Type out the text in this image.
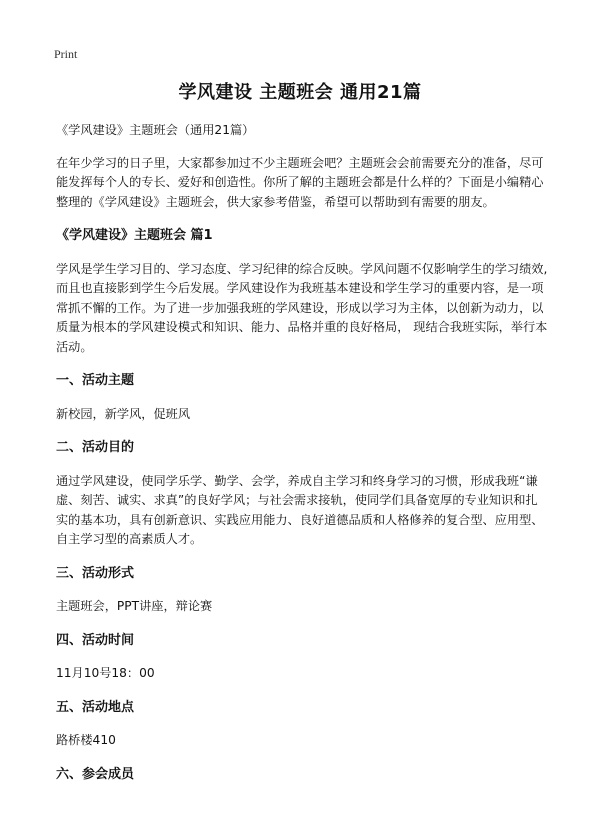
Print
学风建设 主题班会 通用21篇

《学风建设》主题班会（通用21篇）

在年少学习的日子里，大家都参加过不少主题班会吧？主题班会会前需要充分的准备，尽可能发挥每个人的专长、爱好和创造性。你所了解的主题班会都是什么样的？下面是小编精心整理的《学风建设》主题班会，供大家参考借鉴，希望可以帮助到有需要的朋友。

《学风建设》主题班会 篇1

学风是学生学习目的、学习态度、学习纪律的综合反映。学风问题不仅影响学生的学习绩效,而且也直接影到学生今后发展。学风建设作为我班基本建设和学生学习的重要内容，是一项常抓不懈的工作。为了进一步加强我班的学风建设，形成以学习为主体，以创新为动力，以质量为根本的学风建设模式和知识、能力、品格并重的良好格局， 现结合我班实际，举行本活动。

一、活动主题

新校园，新学风，促班风

二、活动目的

通过学风建设，使同学乐学、勤学、会学，养成自主学习和终身学习的习惯，形成我班“谦虚、刻苦、诚实、求真”的良好学风；与社会需求接轨，使同学们具备宽厚的专业知识和扎实的基本功，具有创新意识、实践应用能力、良好道德品质和人格修养的复合型、应用型、自主学习型的高素质人才。

三、活动形式

主题班会，PPT讲座，辩论赛

四、活动时间

11月10号18：00

五、活动地点

路桥楼410

六、参会成员
